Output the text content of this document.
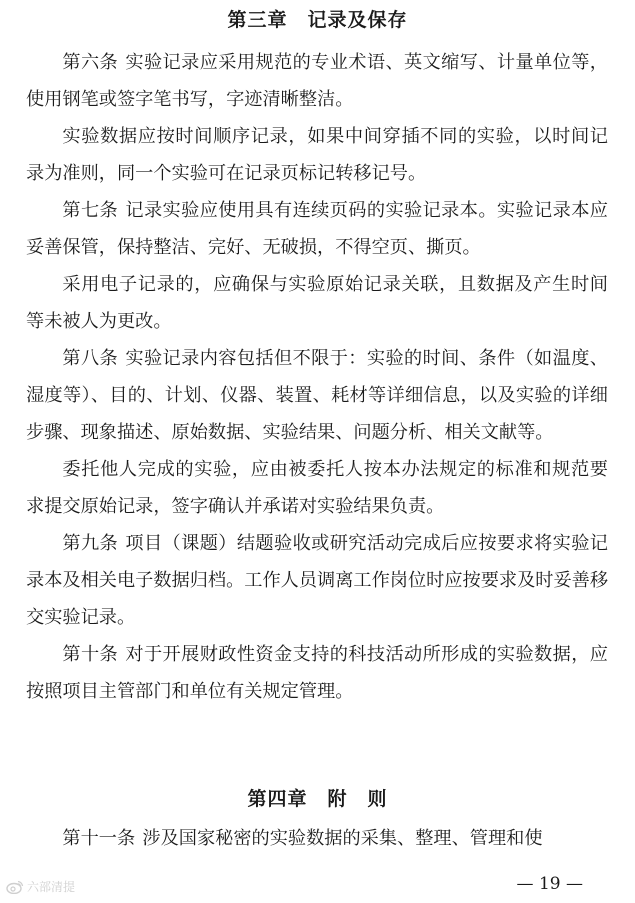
第三章　记录及保存

第六条 实验记录应采用规范的专业术语、英文缩写、计量单位等，使用钢笔或签字笔书写，字迹清晰整洁。

实验数据应按时间顺序记录，如果中间穿插不同的实验，以时间记录为准则，同一个实验可在记录页标记转移记号。

第七条 记录实验应使用具有连续页码的实验记录本。实验记录本应妥善保管，保持整洁、完好、无破损，不得空页、撕页。

采用电子记录的，应确保与实验原始记录关联，且数据及产生时间等未被人为更改。

第八条 实验记录内容包括但不限于：实验的时间、条件（如温度、湿度等）、目的、计划、仪器、装置、耗材等详细信息，以及实验的详细步骤、现象描述、原始数据、实验结果、问题分析、相关文献等。

委托他人完成的实验，应由被委托人按本办法规定的标准和规范要求提交原始记录，签字确认并承诺对实验结果负责。

第九条 项目（课题）结题验收或研究活动完成后应按要求将实验记录本及相关电子数据归档。工作人员调离工作岗位时应按要求及时妥善移交实验记录。

第十条 对于开展财政性资金支持的科技活动所形成的实验数据，应按照项目主管部门和单位有关规定管理。

第四章　附　则

第十一条 涉及国家秘密的实验数据的采集、整理、管理和使

六部清提	— 19 —
